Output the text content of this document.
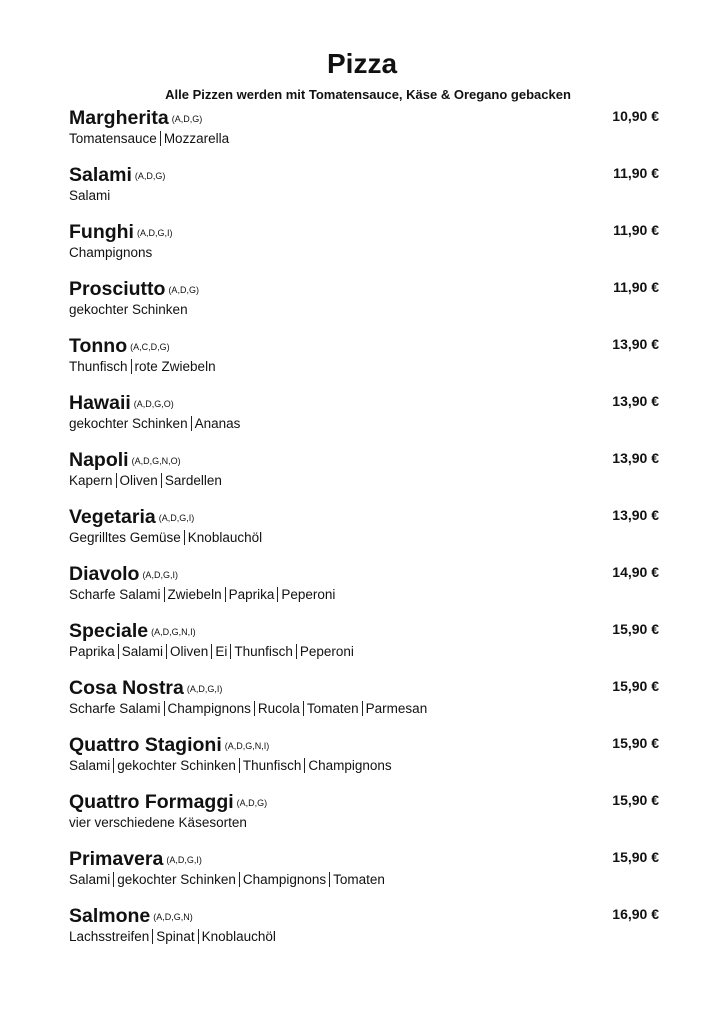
Pizza
Alle Pizzen werden mit Tomatensauce, Käse & Oregano gebacken
Margherita $^{(A,D,G)}$
Tomatensauce Mozzarella
10,90 €
Salami $^{(A,D,G)}$
Salami
11,90 €
Funghi $^{(A,D,G,I)}$
Champignons
11,90 €
Prosciutto $^{(A,D,G)}$
gekochter Schinken
11,90 €
Tonno $^{(A,C,D,G)}$
Thunfisch rote Zwiebeln
13,90 €
Hawaii $^{(A,D,G,O)}$
gekochter Schinken Ananas
13,90 €
Napoli $^{(A,D,G,N,O)}$
Kapern Oliven Sardellen
13,90 €
Vegetaria $^{(A,D,G,I)}$
Gegrilltes Gemüse Knoblauchöl
13,90 €
Diavolo $^{(A,D,G,I)}$
Scharfe Salami Zwiebeln Paprika Peperoni
14,90 €
Speciale $^{(A,D,G,N,I)}$
Paprika Salami Oliven Ei Thunfisch Peperoni
15,90 €
Cosa Nostra $^{(A,D,G,I)}$
Scharfe Salami Champignons Rucola Tomaten Parmesan
15,90 €
Quattro Stagioni $^{(A,D,G,N,I)}$
Salami gekochter Schinken Thunfisch Champignons
15,90 €
Quattro Formaggi $^{(A,D,G)}$
vier verschiedene Käsesorten
15,90 €
Primavera $^{(A,D,G,I)}$
Salami gekochter Schinken Champignons Tomaten
15,90 €
Salmone $^{(A,D,G,N)}$
Lachsstreifen Spinat Knoblauchöl
16,90 €
